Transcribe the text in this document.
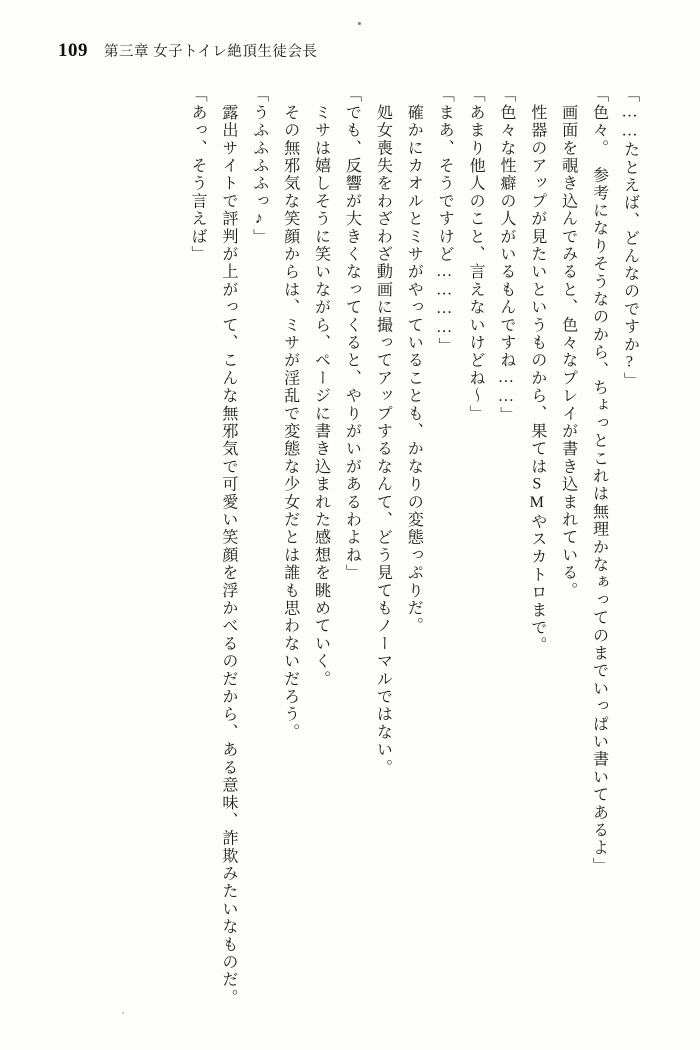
109 第三章 女子トイレ絶頂生徒会長

「……たとえば、どんなのですか?」

「色々。　参考になりそうなのから、ちょっとこれは無理かなぁってのまでいっぱい書いてあるよ」

　画面を覗き込んでみると、色々なプレイが書き込まれている。

　性器のアップが見たいというものから、果てはSMやスカトロまで。

「色々な性癖の人がいるもんですね……」

「あまり他人のこと、言えないけどね〜」

「まあ、そうですけど…………」

　確かにカオルとミサがやっていることも、かなりの変態っぷりだ。

　処女喪失をわざわざ動画に撮ってアップするなんて、どう見てもノーマルではない。

「でも、反響が大きくなってくると、やりがいがあるわよね」

　ミサは嬉しそうに笑いながら、ページに書き込まれた感想を眺めていく。

　その無邪気な笑顔からは、ミサが淫乱で変態な少女だとは誰も思わないだろう。

「うふふふふっ♪」

　露出サイトで評判が上がって、こんな無邪気で可愛い笑顔を浮かべるのだから、ある意味、詐欺みたいなものだ。

「あっ、そう言えば」
